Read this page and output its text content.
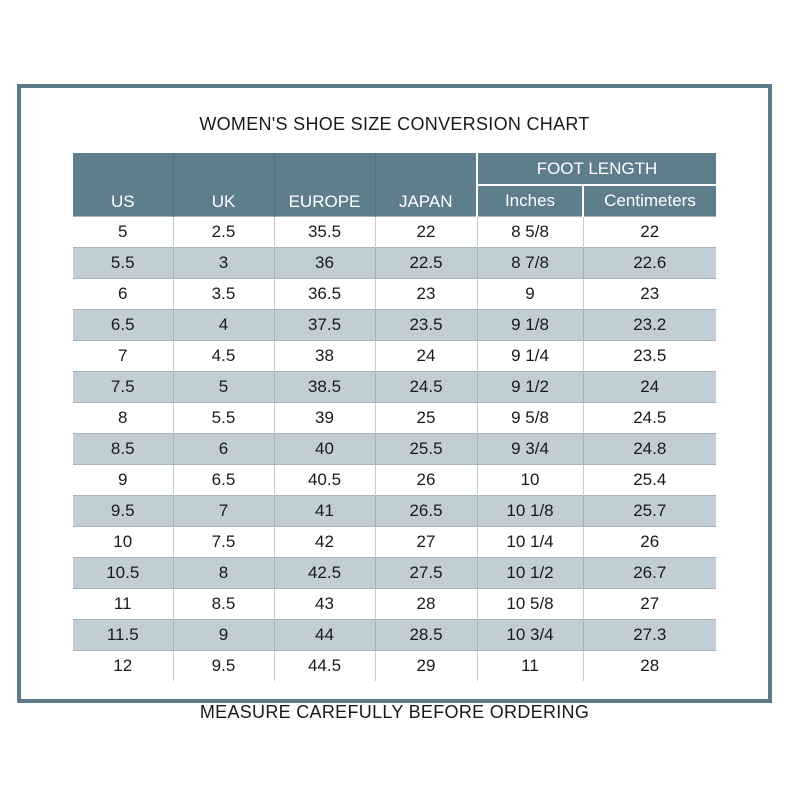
WOMEN'S SHOE SIZE CONVERSION CHART
US	UK	EUROPE	JAPAN	FOOT LENGTH	
				Inches	Centimeters
5	2.5	35.5	22	8 5/8	22
5.5	3	36	22.5	8 7/8	22.6
6	3.5	36.5	23	9	23
6.5	4	37.5	23.5	9 1/8	23.2
7	4.5	38	24	9 1/4	23.5
7.5	5	38.5	24.5	9 1/2	24
8	5.5	39	25	9 5/8	24.5
8.5	6	40	25.5	9 3/4	24.8
9	6.5	40.5	26	10	25.4
9.5	7	41	26.5	10 1/8	25.7
10	7.5	42	27	10 1/4	26
10.5	8	42.5	27.5	10 1/2	26.7
11	8.5	43	28	10 5/8	27
11.5	9	44	28.5	10 3/4	27.3
12	9.5	44.5	29	11	28
MEASURE CAREFULLY BEFORE ORDERING
